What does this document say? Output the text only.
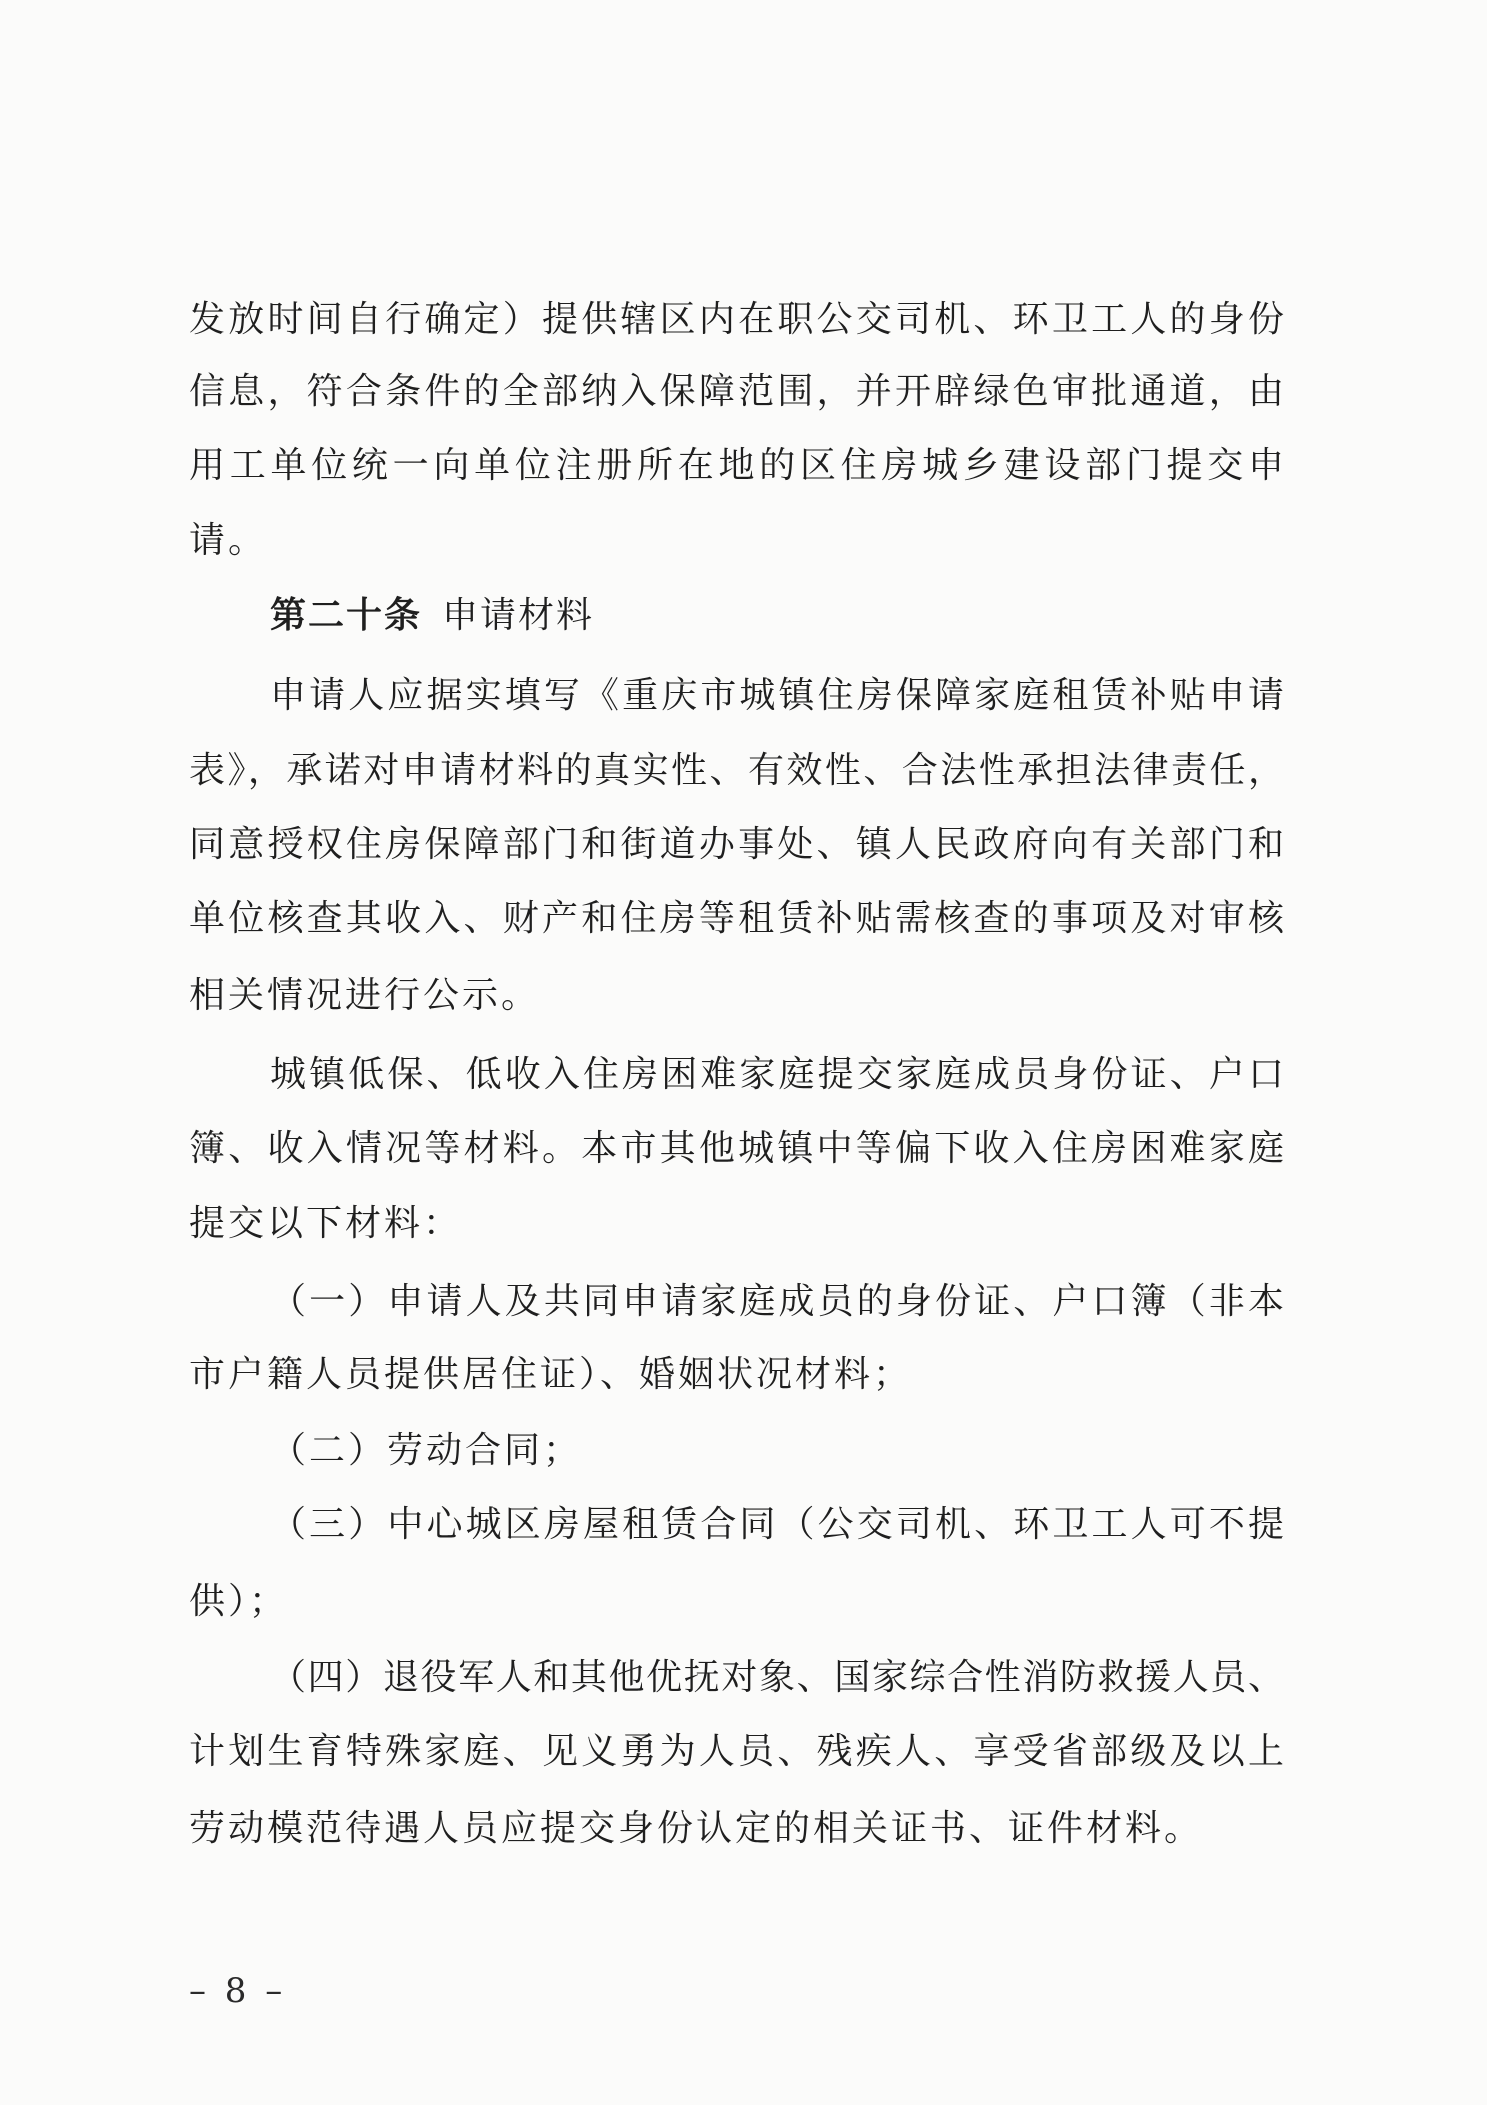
发放时间自行确定）提供辖区内在职公交司机、环卫工人的身份
信息，符合条件的全部纳入保障范围，并开辟绿色审批通道，由
用工单位统一向单位注册所在地的区住房城乡建设部门提交申
请。
第二十条 申请材料
申请人应据实填写《重庆市城镇住房保障家庭租赁补贴申请
表》，承诺对申请材料的真实性、有效性、合法性承担法律责任，
同意授权住房保障部门和街道办事处、镇人民政府向有关部门和
单位核查其收入、财产和住房等租赁补贴需核查的事项及对审核
相关情况进行公示。
城镇低保、低收入住房困难家庭提交家庭成员身份证、户口
簿、收入情况等材料。本市其他城镇中等偏下收入住房困难家庭
提交以下材料：
（一）申请人及共同申请家庭成员的身份证、户口簿（非本
市户籍人员提供居住证）、婚姻状况材料；
（二）劳动合同；
（三）中心城区房屋租赁合同（公交司机、环卫工人可不提
供）；
（四）退役军人和其他优抚对象、国家综合性消防救援人员、
计划生育特殊家庭、见义勇为人员、残疾人、享受省部级及以上
劳动模范待遇人员应提交身份认定的相关证书、证件材料。
– 8 –
